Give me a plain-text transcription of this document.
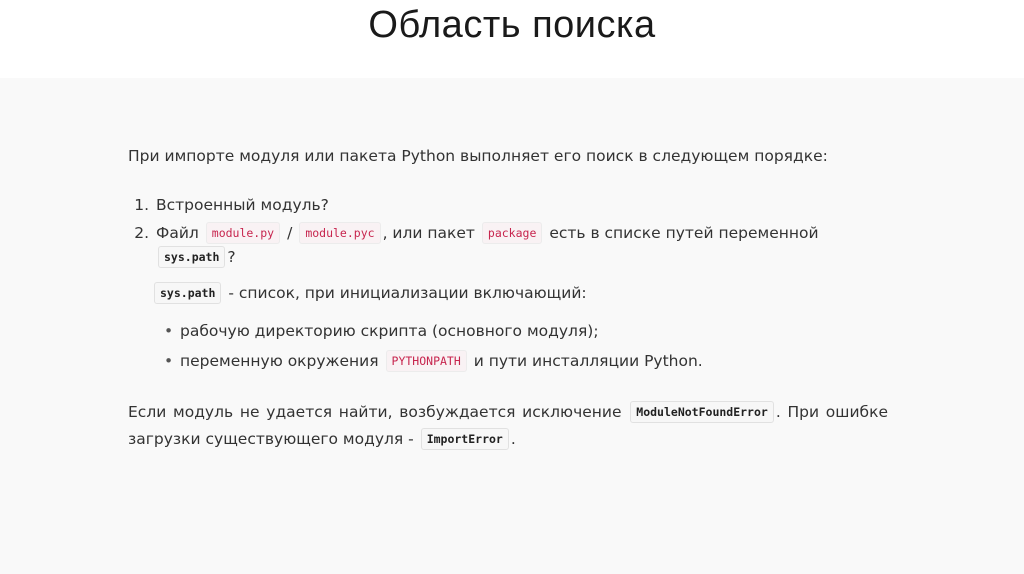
Область поиска

При импорте модуля или пакета Python выполняет его поиск в следующем порядке:

1. Встроенный модуль?
2. Файл module.py / module.pyc , или пакет package есть в списке путей переменной sys.path ?
sys.path - список, при инициализации включающий:
• рабочую директорию скрипта (основного модуля);
• переменную окружения PYTHONPATH и пути инсталляции Python.

Если модуль не удается найти, возбуждается исключение ModuleNotFoundError . При ошибке загрузки существующего модуля - ImportError .
